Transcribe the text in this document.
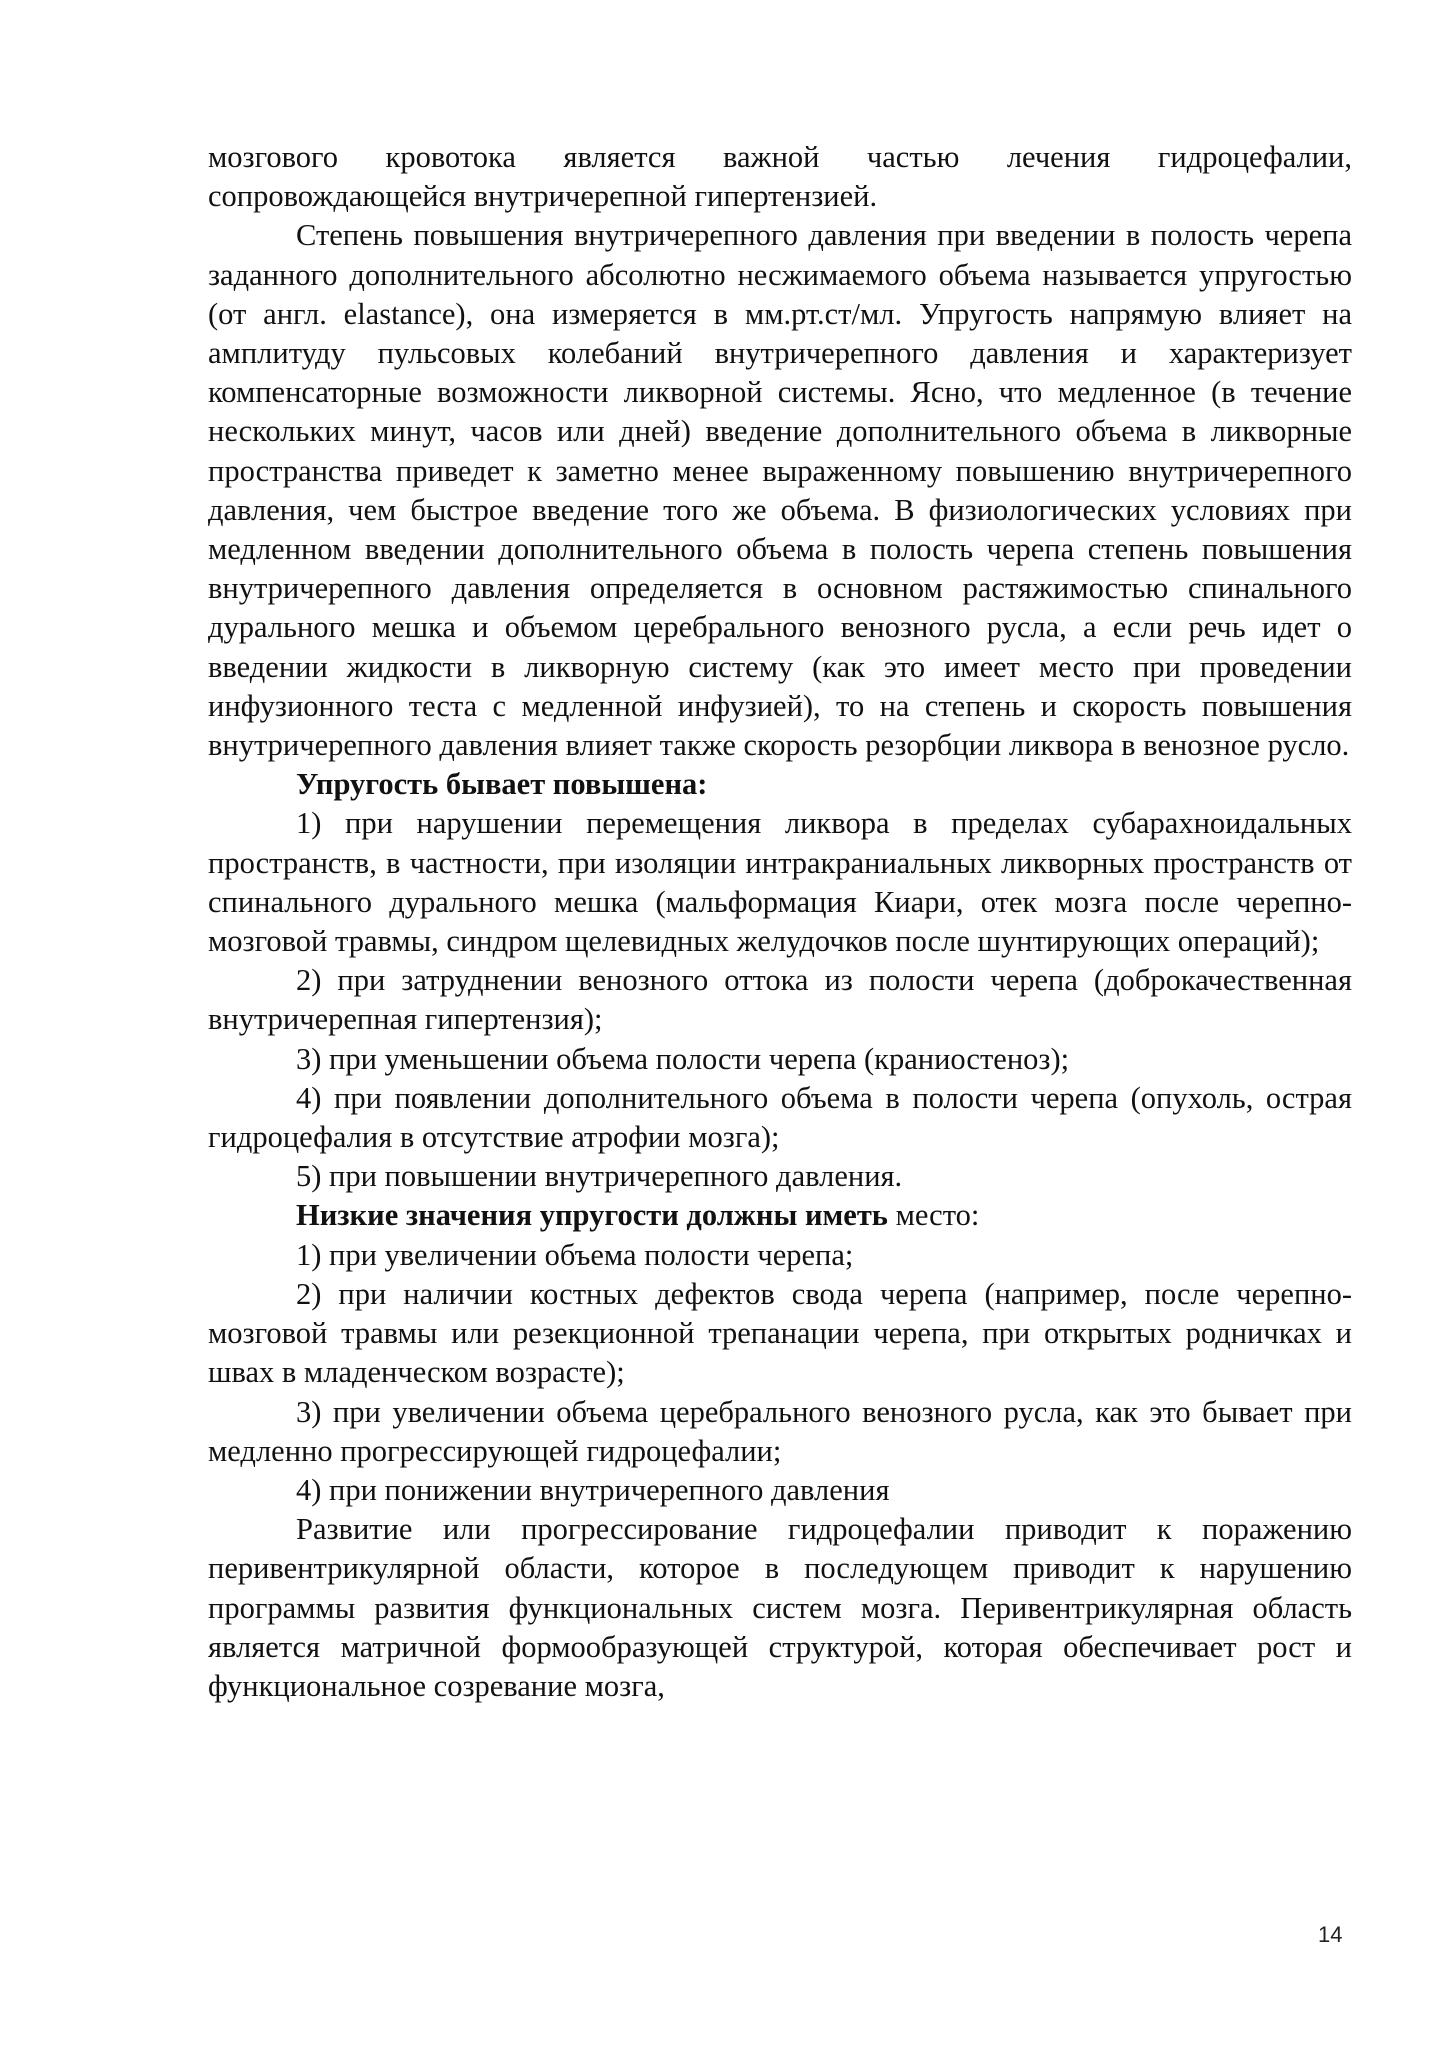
мозгового кровотока является важной частью лечения гидроцефалии, сопровождающейся внутричерепной гипертензией.

Степень повышения внутричерепного давления при введении в полость черепа заданного дополнительного абсолютно несжимаемого объема называется упругостью (от англ. elastance), она измеряется в мм.рт.ст/мл. Упругость напрямую влияет на амплитуду пульсовых колебаний внутричерепного давления и характеризует компенсаторные возможности ликворной системы. Ясно, что медленное (в течение нескольких минут, часов или дней) введение дополнительного объема в ликворные пространства приведет к заметно менее выраженному повышению внутричерепного давления, чем быстрое введение того же объема. В физиологических условиях при медленном введении дополнительного объема в полость черепа степень повышения внутричерепного давления определяется в основном растяжимостью спинального дурального мешка и объемом церебрального венозного русла, а если речь идет о введении жидкости в ликворную систему (как это имеет место при проведении инфузионного теста с медленной инфузией), то на степень и скорость повышения внутричерепного давления влияет также скорость резорбции ликвора в венозное русло.

Упругость бывает повышена:

1) при нарушении перемещения ликвора в пределах субарахноидальных пространств, в частности, при изоляции интракраниальных ликворных пространств от спинального дурального мешка (мальформация Киари, отек мозга после черепно-мозговой травмы, синдром щелевидных желудочков после шунтирующих операций);

2) при затруднении венозного оттока из полости черепа (доброкачественная внутричерепная гипертензия);

3) при уменьшении объема полости черепа (краниостеноз);

4) при появлении дополнительного объема в полости черепа (опухоль, острая гидроцефалия в отсутствие атрофии мозга);

5) при повышении внутричерепного давления.

Низкие значения упругости должны иметь место:

1) при увеличении объема полости черепа;

2) при наличии костных дефектов свода черепа (например, после черепно-мозговой травмы или резекционной трепанации черепа, при открытых родничках и швах в младенческом возрасте);

3) при увеличении объема церебрального венозного русла, как это бывает при медленно прогрессирующей гидроцефалии;

4) при понижении внутричерепного давления

Развитие или прогрессирование гидроцефалии приводит к поражению перивентрикулярной области, которое в последующем приводит к нарушению программы развития функциональных систем мозга. Перивентрикулярная область является матричной формообразующей структурой, которая обеспечивает рост и функциональное созревание мозга,

14
